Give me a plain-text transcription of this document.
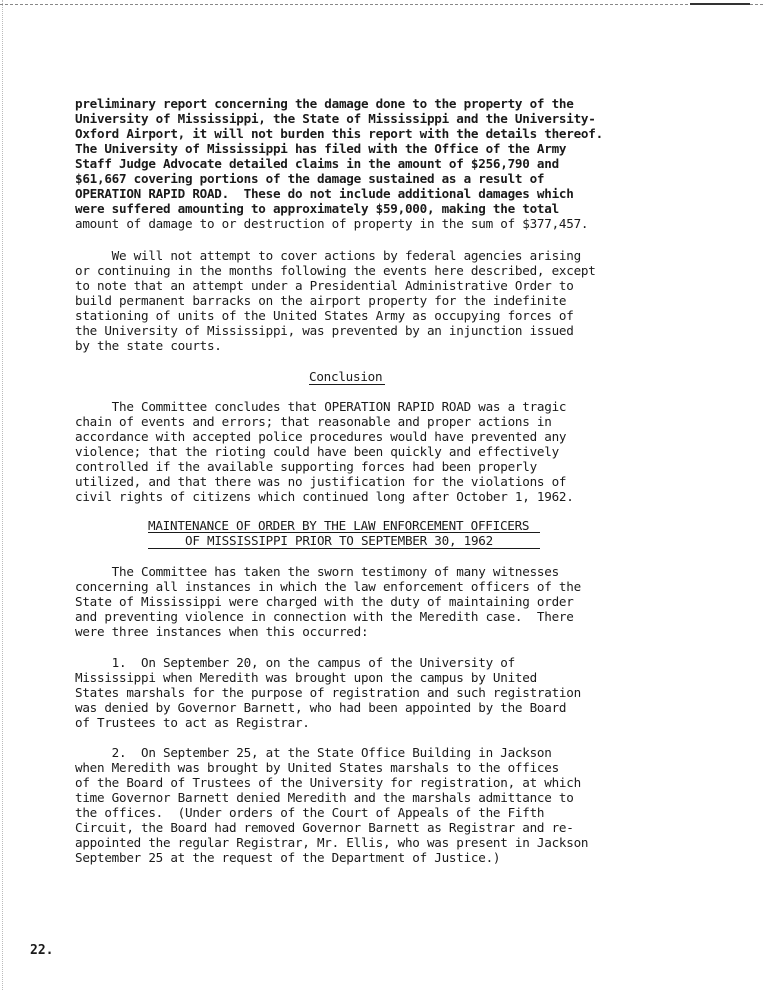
preliminary report concerning the damage done to the property of the
University of Mississippi, the State of Mississippi and the University-
Oxford Airport, it will not burden this report with the details thereof.
The University of Mississippi has filed with the Office of the Army
Staff Judge Advocate detailed claims in the amount of $256,790 and
$61,667 covering portions of the damage sustained as a result of
OPERATION RAPID ROAD.  These do not include additional damages which
were suffered amounting to approximately $59,000, making the total
amount of damage to or destruction of property in the sum of $377,457.
We will not attempt to cover actions by federal agencies arising
or continuing in the months following the events here described, except
to note that an attempt under a Presidential Administrative Order to
build permanent barracks on the airport property for the indefinite
stationing of units of the United States Army as occupying forces of
the University of Mississippi, was prevented by an injunction issued
by the state courts.
Conclusion
The Committee concludes that OPERATION RAPID ROAD was a tragic
chain of events and errors; that reasonable and proper actions in
accordance with accepted police procedures would have prevented any
violence; that the rioting could have been quickly and effectively
controlled if the available supporting forces had been properly
utilized, and that there was no justification for the violations of
civil rights of citizens which continued long after October 1, 1962.
MAINTENANCE OF ORDER BY THE LAW ENFORCEMENT OFFICERS
OF MISSISSIPPI PRIOR TO SEPTEMBER 30, 1962
The Committee has taken the sworn testimony of many witnesses
concerning all instances in which the law enforcement officers of the
State of Mississippi were charged with the duty of maintaining order
and preventing violence in connection with the Meredith case.  There
were three instances when this occurred:
1.  On September 20, on the campus of the University of
Mississippi when Meredith was brought upon the campus by United
States marshals for the purpose of registration and such registration
was denied by Governor Barnett, who had been appointed by the Board
of Trustees to act as Registrar.
2.  On September 25, at the State Office Building in Jackson
when Meredith was brought by United States marshals to the offices
of the Board of Trustees of the University for registration, at which
time Governor Barnett denied Meredith and the marshals admittance to
the offices.  (Under orders of the Court of Appeals of the Fifth
Circuit, the Board had removed Governor Barnett as Registrar and re-
appointed the regular Registrar, Mr. Ellis, who was present in Jackson
September 25 at the request of the Department of Justice.)
22.
